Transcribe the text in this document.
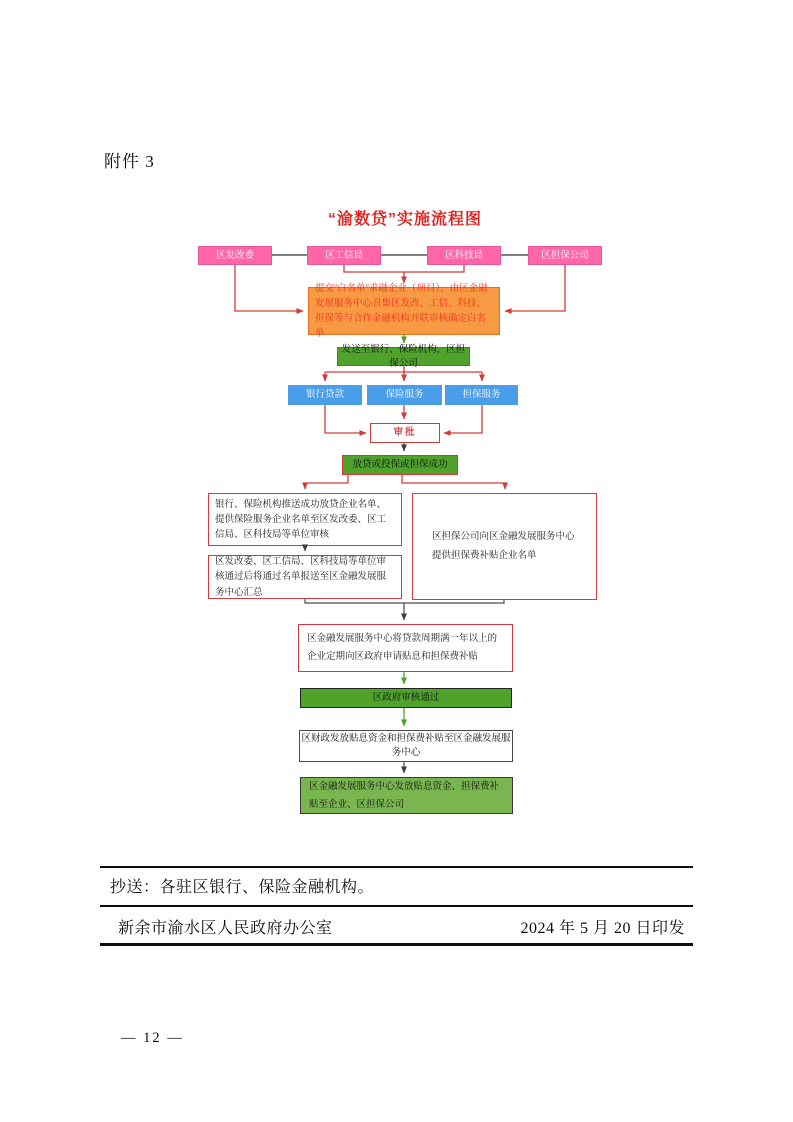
附件 3
“渝数贷”实施流程图
区发改委	区工信局	区科技局	区担保公司
提交“白名单”求融企业（项目），由区金融发展服务中心召集区发改、工信、科技、担保等与合作金融机构并联审核确定白名单
发送至银行、保险机构，区担保公司
银行贷款	保险服务	担保服务
审批
放贷或投保或担保成功
银行、保险机构推送成功放贷企业名单、提供保险服务企业名单至区发改委、区工信局、区科技局等单位审核
区发改委、区工信局、区科技局等单位审核通过后将通过名单报送至区金融发展服务中心汇总
区担保公司向区金融发展服务中心提供担保费补贴企业名单
区金融发展服务中心将贷款周期满一年以上的企业定期向区政府申请贴息和担保费补贴
区政府审核通过
区财政发放贴息资金和担保费补贴至区金融发展服务中心
区金融发展服务中心发放贴息资金、担保费补贴至企业、区担保公司
抄送：各驻区银行、保险金融机构。
新余市渝水区人民政府办公室	2024 年 5 月 20 日印发
— 12 —
